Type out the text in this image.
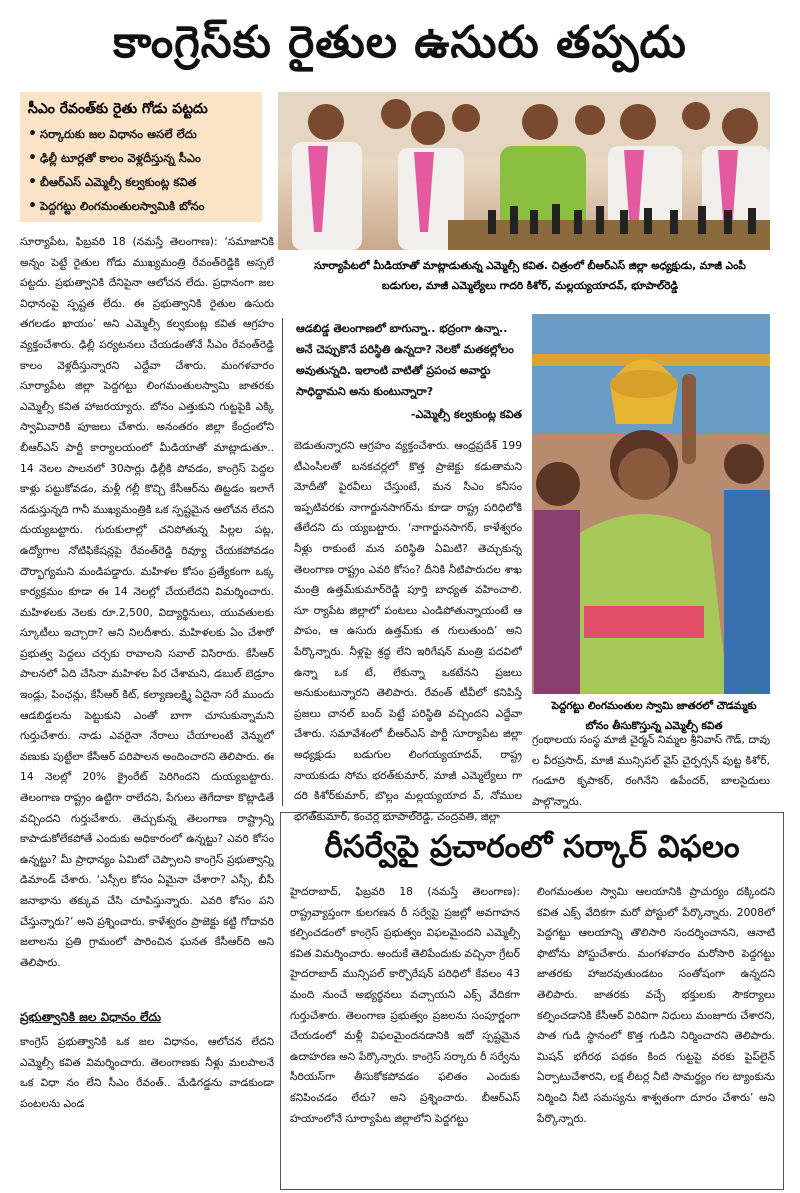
కాంగ్రెస్‌కు రైతుల ఉసురు తప్పదు
సీఎం రేవంత్‌కు రైతు గోడు పట్టదు
• సర్కారుకు జల విధానం అసలే లేదు
• ఢిల్లీ టూర్లతో కాలం వెళ్లదీస్తున్న సీఎం
• బీఆర్‌ఎస్ ఎమ్మెల్సీ కల్వకుంట్ల కవిత
• పెద్దగట్టు లింగమంతులస్వామికి బోనం
సూర్యాపేటలో మీడియాతో మాట్లాడుతున్న ఎమ్మెల్సీ కవిత. చిత్రంలో బీఆర్‌ఎస్ జిల్లా అధ్యక్షుడు, మాజీ ఎంపీ బడుగుల, మాజీ ఎమ్మెల్యేలు గాదరి కిశోర్, మల్లయ్యయాదవ్, భూపాల్‌రెడ్డి
ఆడబిడ్డ తెలంగాణలో బాగున్నా.. భద్రంగా ఉన్నా.. అనే చెప్పుకొనే పరిస్థితి ఉన్నదా? నెలకో మతకల్లోలం అవుతున్నది. ఇలాంటి వాటితో ప్రపంచ అవార్డు సాధిద్దామని అను కుంటున్నారా?
-ఎమ్మెల్సీ కల్వకుంట్ల కవిత
పెద్దగట్టు లింగమంతుల స్వామి జాతరలో చౌడమ్మకు బోనం తీసుకొస్తున్న ఎమ్మెల్సీ కవిత

సూర్యాపేట, ఫిబ్రవరి 18 (నమస్తే తెలంగాణ): ‘సమాజానికి అన్నం పెట్టే రైతుల గోడు ముఖ్యమంత్రి రేవంత్‌రెడ్డికి అస్సలే పట్టదు. ప్రభుత్వానికి దేనిపైనా ఆలోచన లేదు. ప్రధానంగా జల విధానంపై స్పష్టత లేదు. ఈ ప్రభుత్వానికి రైతుల ఉసురు తగలడం ఖాయం’ అని ఎమ్మెల్సీ కల్వకుంట్ల కవిత ఆగ్రహం వ్యక్తంచేశారు. ఢిల్లీ పర్యటనలు చేయడంతోనే సీఎం రేవంత్‌రెడ్డి కాలం వెళ్లదీస్తున్నారని ఎద్దేవా చేశారు. మంగళవారం సూర్యాపేట జిల్లా పెద్దగట్టు లింగమంతులస్వామి జాతరకు ఎమ్మెల్సీ కవిత హాజరయ్యారు. బోనం ఎత్తుకుని గుట్టపైకి ఎక్కి స్వామివారికి పూజలు చేశారు. అనంతరం జిల్లా కేంద్రంలోని బీఆర్‌ఎస్ పార్టీ కార్యాలయంలో మీడియాతో మాట్లాడుతూ.. 14 నెలల పాలనలో 30సార్లు ఢిల్లీకి పోవడం, కాంగ్రెస్ పెద్దల కాళ్లు పట్టుకోవడం, మళ్లీ గల్లీ కొచ్చి కేసీఆర్‌ను తిట్టడం ఇలాగే నడుస్తున్నది గానీ ముఖ్యమంత్రికి ఒక స్పష్టమైన ఆలోచన లేదని దుయ్యబట్టారు. గురుకులాల్లో చనిపోతున్న పిల్లల పట్ల, ఉద్యోగాల నోటిఫికేషన్లపై రేవంత్‌రెడ్డి రివ్యూ చేయకపోవడం దౌర్భాగ్యమని మండిపడ్డారు. మహిళల కోసం ప్రత్యేకంగా ఒక్క కార్యక్రమం కూడా ఈ 14 నెలల్లో చేయలేదని విమర్శించారు. మహిళలకు నెలకు రూ.2,500, విద్యార్థినులు, యువతులకు స్కూటీలు ఇచ్చారా? అని నిలదీశారు. మహిళలకు ఏం చేశారో ప్రభుత్వ పెద్దలు చర్చకు రావాలని సవాల్ విసిరారు. కేసీఆర్ పాలనలో ఏది చేసినా మహిళల పేర చేశామని, డబుల్ బెడ్రూం ఇండ్లు, పింఛన్లు, కేసీఆర్ కిట్, కల్యాణలక్ష్మి ఏదైనా సరే ముందు ఆడబిడ్డలను పెట్టుకుని ఎంతో బాగా చూసుకున్నామని గుర్తుచేశారు. నాడు ఎవరైనా నేరాలు చేయాలంటే వెన్నులో వణుకు పుట్టేలా కేసీఆర్ పరిపాలన అందించారని తెలిపారు. ఈ 14 నెలల్లో 20% క్రైంరేట్ పెరిగిందని దుయ్యబట్టారు. తెలంగాణ రాష్ట్రం ఉట్టిగా రాలేదని, పేగులు తెగేదాకా కొట్లాడితే వచ్చిందని గుర్తుచేశారు. తెచ్చుకున్న తెలంగాణ రాష్ట్రాన్ని కాపాడుకోలేకపోతే ఎందుకు అధికారంలో ఉన్నట్టు? ఎవరి కోసం ఉన్నట్టు? మీ ప్రాధాన్యం ఏమిటో చెప్పాలని కాంగ్రెస్ ప్రభుత్వాన్ని డిమాండ్ చేశారు. ‘ఎస్సీల కోసం ఏమైనా చేశారా? ఎస్సీ, బీసీ జనాభాను తక్కువ చేసి చూపిస్తున్నారు. ఎవరి కోసం పని చేస్తున్నారు?’ అని ప్రశ్నించారు. కాళేశ్వరం ప్రాజెక్టు కట్టి గోదావరి జలాలను ప్రతి గ్రామంలో పారించిన ఘనత కేసీఆర్‌ది అని తెలిపారు.

ప్రభుత్వానికి జల విధానం లేదు

కాంగ్రెస్ ప్రభుత్వానికి ఒక జల విధానం, ఆలోచన లేదని ఎమ్మెల్సీ కవిత విమర్శించారు. తెలంగాణకు నీళ్లు మలపాలనే ఒక విధా నం లేని సీఎం రేవంత్.. మేడిగడ్డను వాడకుండా పంటలను ఎండ

బెడుతున్నారని ఆగ్రహం వ్యక్తంచేశారు. ఆంధ్రప్రదేశ్ 199 టీఎంసీలతో బనకచర్లలో కొత్త ప్రాజెక్టు కడుతామని మోదీతో పైరవీలు చేస్తుంటే, మన సీఎం కనీసం ఇప్పటివరకు నాగార్జునసాగర్‌ను కూడా రాష్ట్ర పరిధిలోకి తేలేదని దు య్యబట్టారు. ‘నాగార్జునసాగర్, కాళేశ్వరం నీళ్లు రాకుంటే మన పరిస్థితి ఏమిటి? తెచ్చుకున్న తెలంగాణ రాష్ట్రం ఎవరి కోసం? దీనికి నీటిపారుదల శాఖ మంత్రి ఉత్తమ్‌కుమార్‌రెడ్డి పూర్తి బాధ్యత వహించాలి. సూ ర్యాపేట జిల్లాలో పంటలు ఎండిపోతున్నాయంటే ఆ పాపం, ఆ ఉసురు ఉత్తమ్‌కు త గులుతుంది’ అని పేర్కొన్నారు. నీళ్లపై శ్రద్ధ లేని ఇరిగేషన్ మంత్రి పదవిలో ఉన్నా ఒక టే, లేకున్నా ఒకటేనని ప్రజలు అనుకుంటున్నారని తెలిపారు. రేవంత్ టీవీలో కనిపిస్తే ప్రజలు చానల్ బంద్ పెట్టే పరిస్థితి వచ్చిందని ఎద్దేవా చేశారు. సమావేశంలో బీఆర్‌ఎస్ పార్టీ సూర్యాపేట జిల్లా అధ్యక్షుడు బడుగుల లింగయ్యయాదవ్, రాష్ట్ర నాయకుడు సోమ భరత్‌కుమార్, మాజీ ఎమ్మెల్యేలు గా దరి కిశోర్‌కుమార్, బొల్లం మల్లయ్యయాద వ్, నోముల భగత్‌కుమార్, కంచర్ల భూపాల్‌రెడ్డి, చంద్రవతి, జిల్లా

గ్రంథాలయ సంస్థ మాజీ చైర్మన్ నిమ్మల శ్రీనివాస్ గౌడ్, దావు ల వీరప్రసాద్, మాజీ మున్సిపల్ వైస్ చైర్పర్సన్ పుట్ట కిశోర్, గండూరి కృపాకర్, రంగినేని ఉపేందర్, బాలసైదులు పాల్గొన్నారు.

రీసర్వేపై ప్రచారంలో సర్కార్ విఫలం

హైదరాబాద్, ఫిబ్రవరి 18 (నమస్తే తెలంగాణ): రాష్ట్రవ్యాప్తంగా కులగణన రీ సర్వేపై ప్రజల్లో అవగాహన కల్పించడంలో కాంగ్రెస్ ప్రభుత్వం విఫలమైందని ఎమ్మెల్సీ కవిత విమర్శించారు. అందుకే తెలిపేందుకు వచ్చినా గ్రేటర్ హైదరాబాద్ మున్సిపల్ కార్పొరేషన్ పరిధిలో కేవలం 43 మంది నుంచే అభ్యర్థనలు వచ్చాయని ఎక్స్ వేదికగా గుర్తుచేశారు. తెలంగాణ ప్రభుత్వం ప్రజలను సంపూర్ణంగా చేయడంలో మళ్లీ విఫలమైందనడానికి ఇదో స్పష్టమైన ఉదాహరణ అని పేర్కొన్నారు. కాంగ్రెస్ సర్కారు రీ సర్వేను సీరియస్‌గా తీసుకోకపోవడం ఫలితం ఎందుకు కనిపించడం లేదు? అని ప్రశ్నించారు. బీఆర్‌ఎస్ హయాంలోనే సూర్యాపేట జిల్లాలోని పెద్దగట్టు

లింగమంతుల స్వామి ఆలయానికి ప్రాచుర్యం దక్కిందని కవిత ఎక్స్ వేదికగా మరో పోస్టులో పేర్కొన్నారు. 2008లో పెద్దగట్టు ఆలయాన్ని తొలిసారి సందర్శించానని, ఆనాటి ఫొటోను పోస్టుచేశారు. మంగళవారం మరోసారి పెద్దగట్టు జాతరకు హాజరవుతుండటం సంతోషంగా ఉన్నదని తెలిపారు. జాతరకు వచ్చే భక్తులకు సౌకర్యాలు కల్పించడానికి కేసీఆర్ విరివిగా నిధులు మంజూరు చేశారని, పాత గుడి స్థానంలో కొత్త గుడిని నిర్మించారని తెలిపారు. మిషన్ భగీరథ పథకం కింద గుట్టపై వరకు పైప్‌లైన్ ఏర్పాటుచేశారని, లక్ష లీటర్ల నీటి సామర్థ్యం గల ట్యాంకును నిర్మించి నీటి సమస్యను శాశ్వతంగా దూరం చేశారు’ అని పేర్కొన్నారు.
